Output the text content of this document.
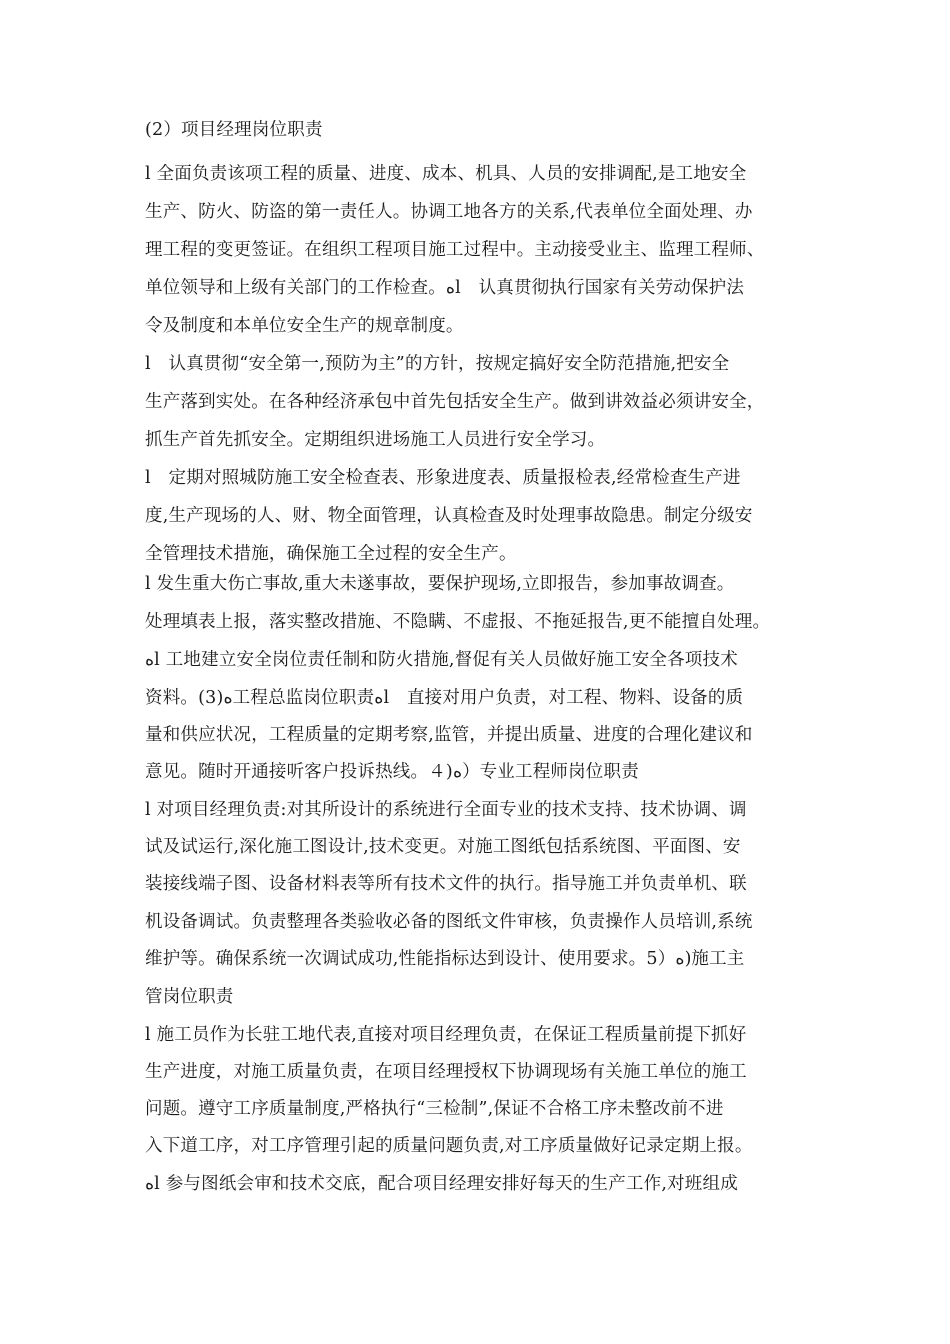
(2）项目经理岗位职责
l 全面负责该项工程的质量、进度、成本、机具、人员的安排调配,是工地安全
生产、防火、防盗的第一责任人。协调工地各方的关系,代表单位全面处理、办
理工程的变更签证。在组织工程项目施工过程中。主动接受业主、监理工程师、
单位领导和上级有关部门的工作检查。ﻩl　认真贯彻执行国家有关劳动保护法
令及制度和本单位安全生产的规章制度。
l　认真贯彻“安全第一,预防为主”的方针，按规定搞好安全防范措施,把安全
生产落到实处。在各种经济承包中首先包括安全生产。做到讲效益必须讲安全，
抓生产首先抓安全。定期组织进场施工人员进行安全学习。
l　定期对照城防施工安全检查表、形象进度表、质量报检表,经常检查生产进
度,生产现场的人、财、物全面管理，认真检查及时处理事故隐患。制定分级安
全管理技术措施，确保施工全过程的安全生产。
l 发生重大伤亡事故,重大未遂事故，要保护现场,立即报告，参加事故调查。
处理填表上报，落实整改措施、不隐瞒、不虚报、不拖延报告,更不能擅自处理。
ﻩl 工地建立安全岗位责任制和防火措施,督促有关人员做好施工安全各项技术
资料。(3)ﻩ工程总监岗位职责ﻩl　直接对用户负责，对工程、物料、设备的质
量和供应状况，工程质量的定期考察,监管，并提出质量、进度的合理化建议和
意见。随时开通接听客户投诉热线。４)ﻩ）专业工程师岗位职责
l 对项目经理负责:对其所设计的系统进行全面专业的技术支持、技术协调、调
试及试运行,深化施工图设计,技术变更。对施工图纸包括系统图、平面图、安
装接线端子图、设备材料表等所有技术文件的执行。指导施工并负责单机、联
机设备调试。负责整理各类验收必备的图纸文件审核，负责操作人员培训,系统
维护等。确保系统一次调试成功,性能指标达到设计、使用要求。5）ﻩ)施工主
管岗位职责
l 施工员作为长驻工地代表,直接对项目经理负责，在保证工程质量前提下抓好
生产进度，对施工质量负责，在项目经理授权下协调现场有关施工单位的施工
问题。遵守工序质量制度,严格执行“三检制”,保证不合格工序未整改前不进
入下道工序，对工序管理引起的质量问题负责,对工序质量做好记录定期上报。
ﻩl 参与图纸会审和技术交底，配合项目经理安排好每天的生产工作,对班组成
